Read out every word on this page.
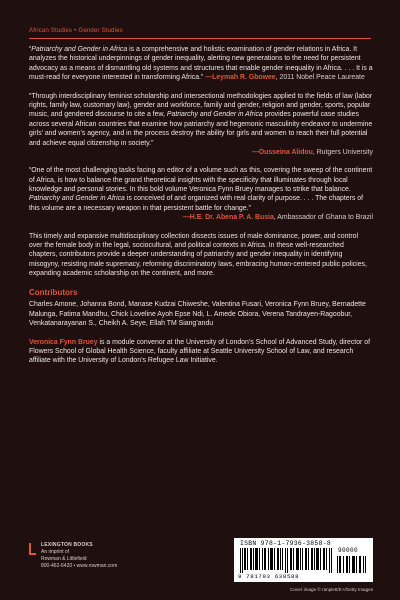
African Studies • Gender Studies

“Patriarchy and Gender in Africa is a comprehensive and holistic examination of gender relations in Africa. It analyzes the historical underpinnings of gender inequality, alerting new generations to the need for persistent advocacy as a means of dismantling old systems and structures that enable gender inequality in Africa. . . . It is a must-read for everyone interested in transforming Africa.” —Leymah R. Gbowee, 2011 Nobel Peace Laureate

“Through interdisciplinary feminist scholarship and intersectional methodologies applied to the fields of law (labor rights, family law, customary law), gender and workforce, family and gender, religion and gender, sports, popular music, and gendered discourse to cite a few, Patriarchy and Gender in Africa provides powerful case studies across several African countries that examine how patriarchy and hegemonic masculinity endeavor to undermine girls’ and women’s agency, and in the process destroy the ability for girls and women to reach their full potential and achieve equal citizenship in society.”

—Ousseina Alidou, Rutgers University

“One of the most challenging tasks facing an editor of a volume such as this, covering the sweep of the continent of Africa, is how to balance the grand theoretical insights with the specificity that illuminates through local knowledge and personal stories. In this bold volume Veronica Fynn Bruey manages to strike that balance. Patriarchy and Gender in Africa is conceived of and organized with real clarity of purpose. . . . The chapters of this volume are a necessary weapon in that persistent battle for change.”

—H.E. Dr. Abena P. A. Busia, Ambassador of Ghana to Brazil

This timely and expansive multidisciplinary collection dissects issues of male dominance, power, and control over the female body in the legal, sociocultural, and political contexts in Africa. In these well-researched chapters, contributors provide a deeper understanding of patriarchy and gender inequality in identifying misogyny, resisting male supremacy, reforming discriminatory laws, embracing human-centered public policies, expanding academic scholarship on the continent, and more.

Contributors
Charles Amone, Johanna Bond, Manase Kudzai Chiweshe, Valentina Fusari, Veronica Fynn Bruey, Bernadette Malunga, Fatima Mandhu, Chick Loveline Ayoh Epse Ndi, L. Amede Obiora, Verena Tandrayen-Ragoobur, Venkatanarayanan S., Cheikh A. Seye, Ellah TM Siang’andu

Veronica Fynn Bruey is a module convenor at the University of London’s School of Advanced Study, director of Flowers School of Global Health Science, faculty affiliate at Seattle University School of Law, and research affiliate with the University of London’s Refugee Law Initiative.

LEXINGTON BOOKS
An imprint of
Rowman & Littlefield
800-462-6420 • www.rowman.com
ISBN 978-1-7936-3858-8
90000
9 781793 638588
Cover image © ranplett/E+/Getty Images
